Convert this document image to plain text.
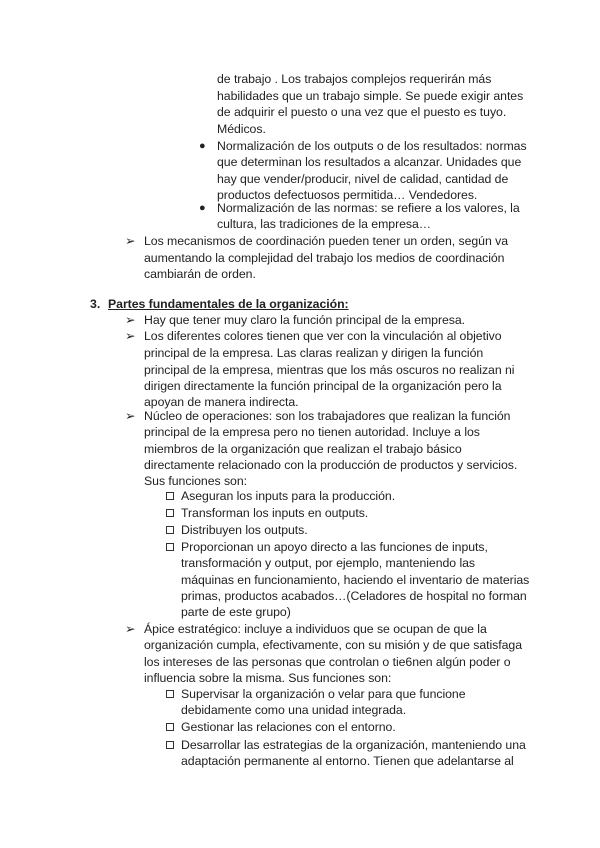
de trabajo . Los trabajos complejos requerirán más
habilidades que un trabajo simple. Se puede exigir antes
de adquirir el puesto o una vez que el puesto es tuyo.
Médicos.
● Normalización de los outputs o de los resultados: normas
que determinan los resultados a alcanzar. Unidades que
hay que vender/producir, nivel de calidad, cantidad de
productos defectuosos permitida… Vendedores.
● Normalización de las normas: se refiere a los valores, la
cultura, las tradiciones de la empresa…
➢ Los mecanismos de coordinación pueden tener un orden, según va
aumentando la complejidad del trabajo los medios de coordinación
cambiarán de orden.
3. Partes fundamentales de la organización:
➢ Hay que tener muy claro la función principal de la empresa.
➢ Los diferentes colores tienen que ver con la vinculación al objetivo
principal de la empresa. Las claras realizan y dirigen la función
principal de la empresa, mientras que los más oscuros no realizan ni
dirigen directamente la función principal de la organización pero la
apoyan de manera indirecta.
➢ Núcleo de operaciones: son los trabajadores que realizan la función
principal de la empresa pero no tienen autoridad. Incluye a los
miembros de la organización que realizan el trabajo básico
directamente relacionado con la producción de productos y servicios.
Sus funciones son:
Aseguran los inputs para la producción.
Transforman los inputs en outputs.
Distribuyen los outputs.
Proporcionan un apoyo directo a las funciones de inputs,
transformación y output, por ejemplo, manteniendo las
máquinas en funcionamiento, haciendo el inventario de materias
primas, productos acabados…(Celadores de hospital no forman
parte de este grupo)
➢ Ápice estratégico: incluye a individuos que se ocupan de que la
organización cumpla, efectivamente, con su misión y de que satisfaga
los intereses de las personas que controlan o tie6nen algún poder o
influencia sobre la misma. Sus funciones son:
Supervisar la organización o velar para que funcione
debidamente como una unidad integrada.
Gestionar las relaciones con el entorno.
Desarrollar las estrategias de la organización, manteniendo una
adaptación permanente al entorno. Tienen que adelantarse al
